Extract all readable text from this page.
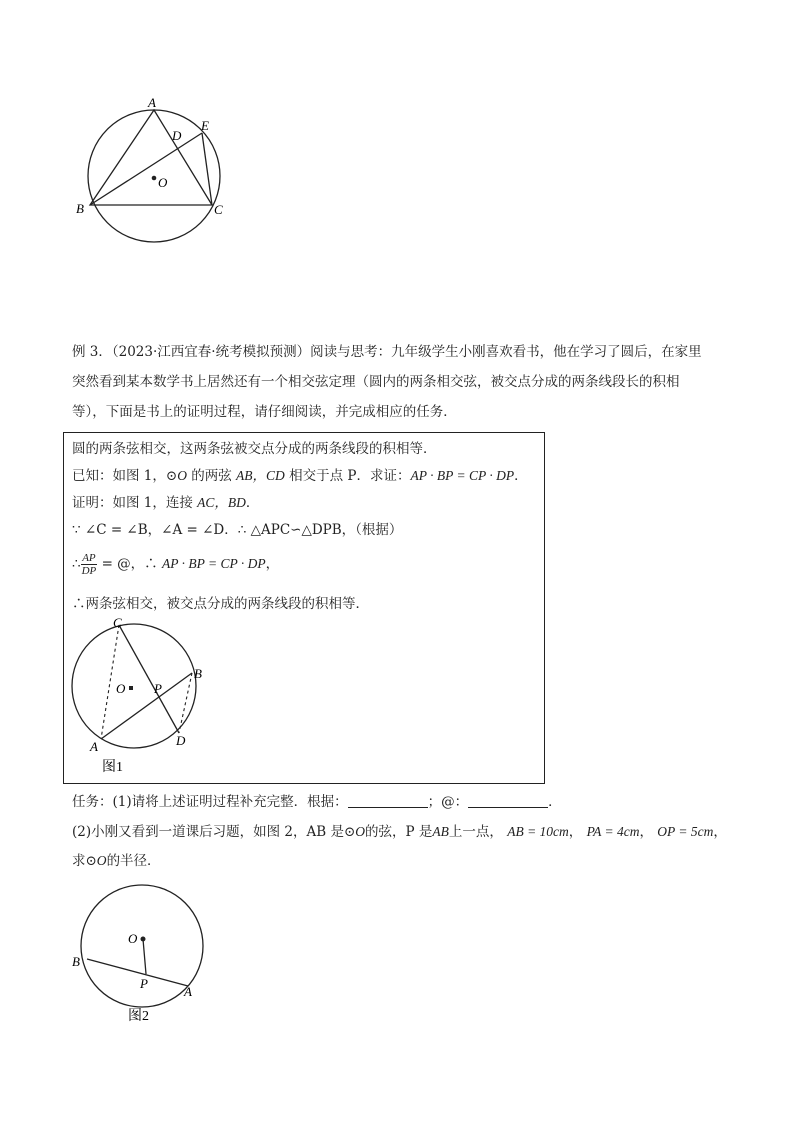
A
B	C
D
E
O
例 3．（2023·江西宜春·统考模拟预测）阅读与思考：九年级学生小刚喜欢看书，他在学习了圆后，在家里
突然看到某本数学书上居然还有一个相交弦定理（圆内的两条相交弦，被交点分成的两条线段长的积相
等），下面是书上的证明过程，请仔细阅读，并完成相应的任务．
圆的两条弦相交，这两条弦被交点分成的两条线段的积相等．
已知：如图 1，⊙O 的两弦 AB，CD 相交于点 P．求证：AP · BP = CP · DP．
证明：如图 1，连接 AC，BD．
∵ ∠C = ∠B，∠A = ∠D．∴ △APC∽△DPB，（根据）
∴ $\frac{AP}{DP}$ = @，∴ AP · BP = CP · DP，
∴两条弦相交，被交点分成的两条线段的积相等．
C
B
A	D
O P
图1
任务：(1)请将上述证明过程补充完整．根据：	；@：	．
(2)小刚又看到一道课后习题，如图 2，AB 是⊙O的弦，P 是AB上一点， AB = 10cm， PA = 4cm， OP = 5cm，
求⊙O的半径．
O
B
P
A
图2
